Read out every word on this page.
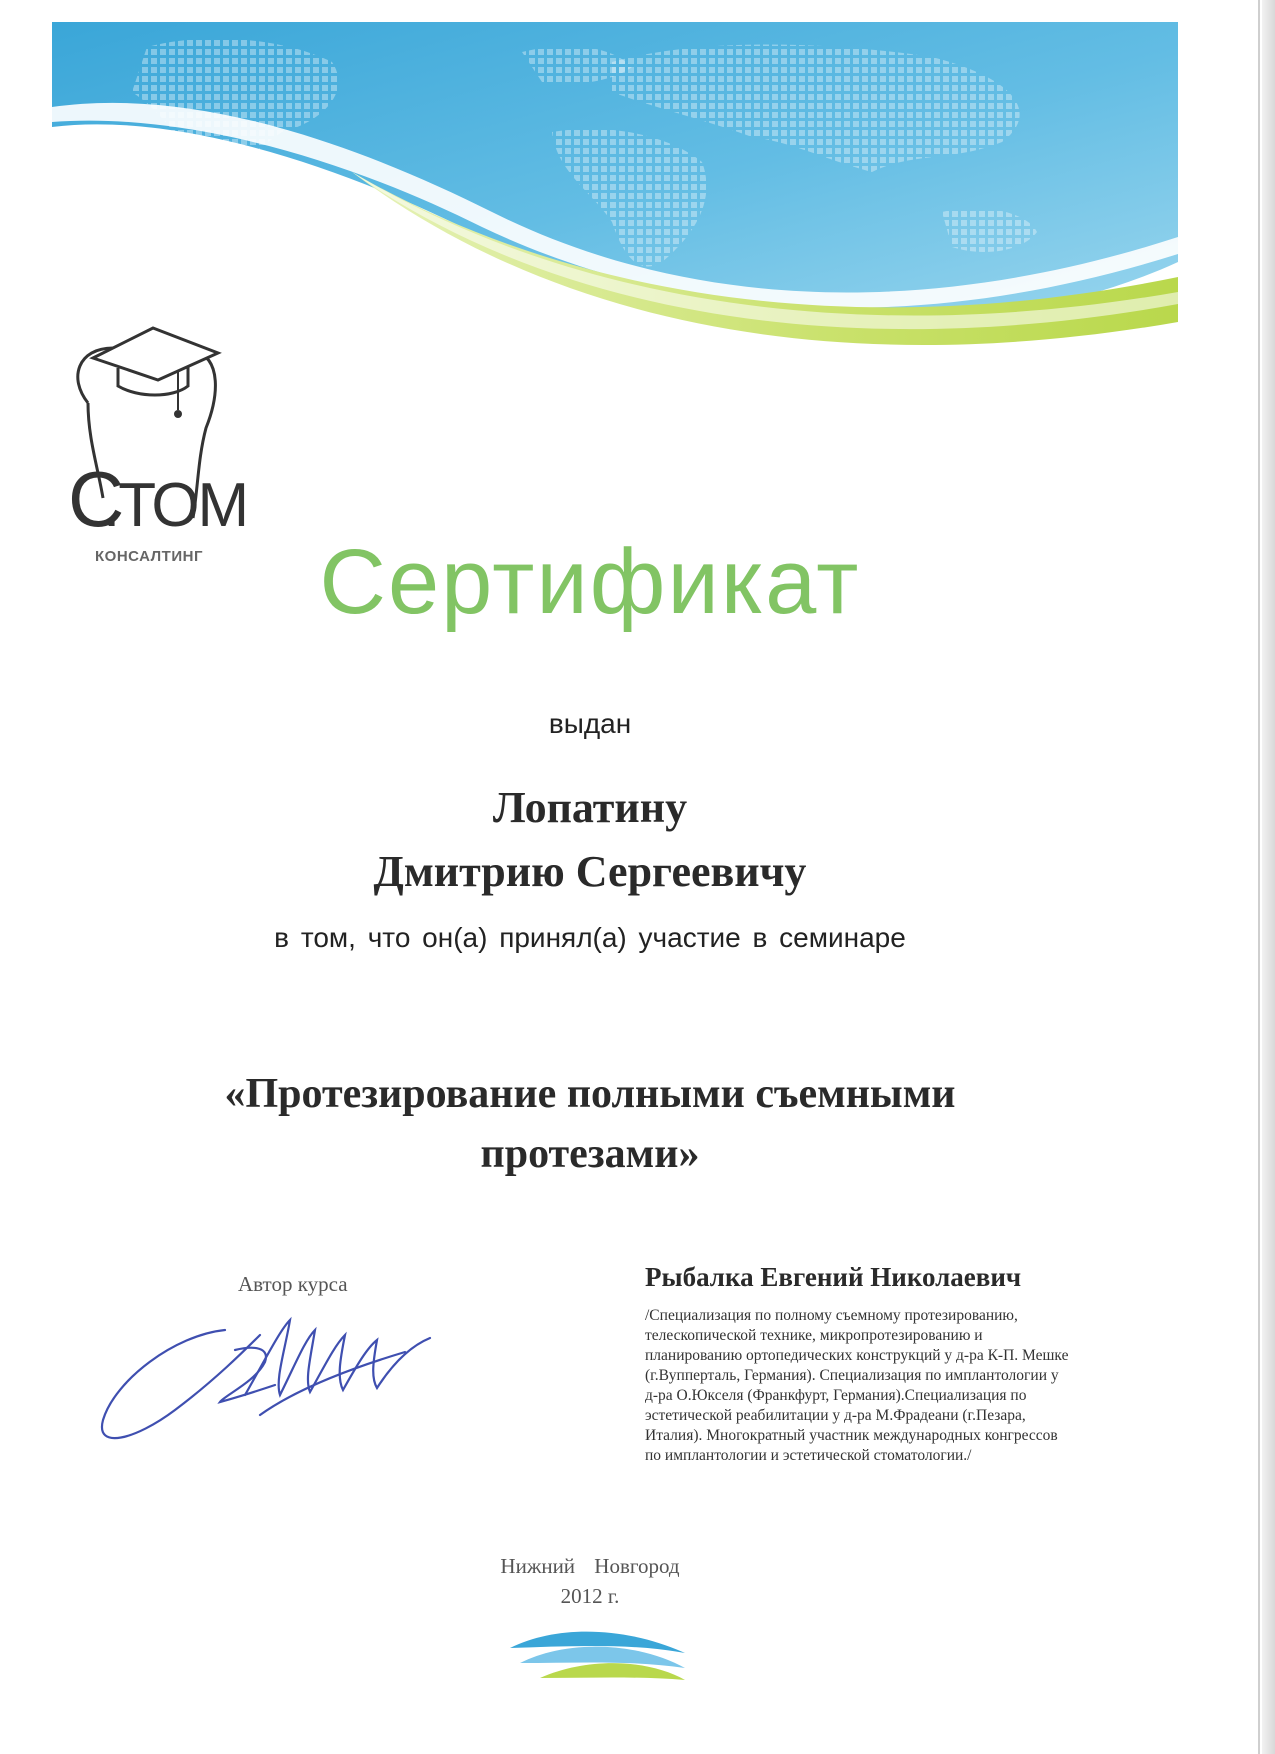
С
.ТОМ
КОНСАЛТИНГ	Сертификат
выдан
Лопатину
Дмитрию Сергеевичу
в том, что он(а) принял(а) участие в семинаре
«Протезирование полными съемными
протезами»
Автор курса	Рыбалка Евгений Николаевич
/Специализация по полному съемному протезированию,
телескопической технике, микропротезированию и
планированию ортопедических конструкций у д-ра К-П. Мешке
(г.Вупперталь, Германия). Специализация по имплантологии у
д-ра О.Юкселя (Франкфурт, Германия).Специализация по
эстетической реабилитации у д-ра М.Фрадеани (г.Пезара,
Италия). Многократный участник международных конгрессов
по имплантологии и эстетической стоматологии./
Нижний Новгород
2012 г.
